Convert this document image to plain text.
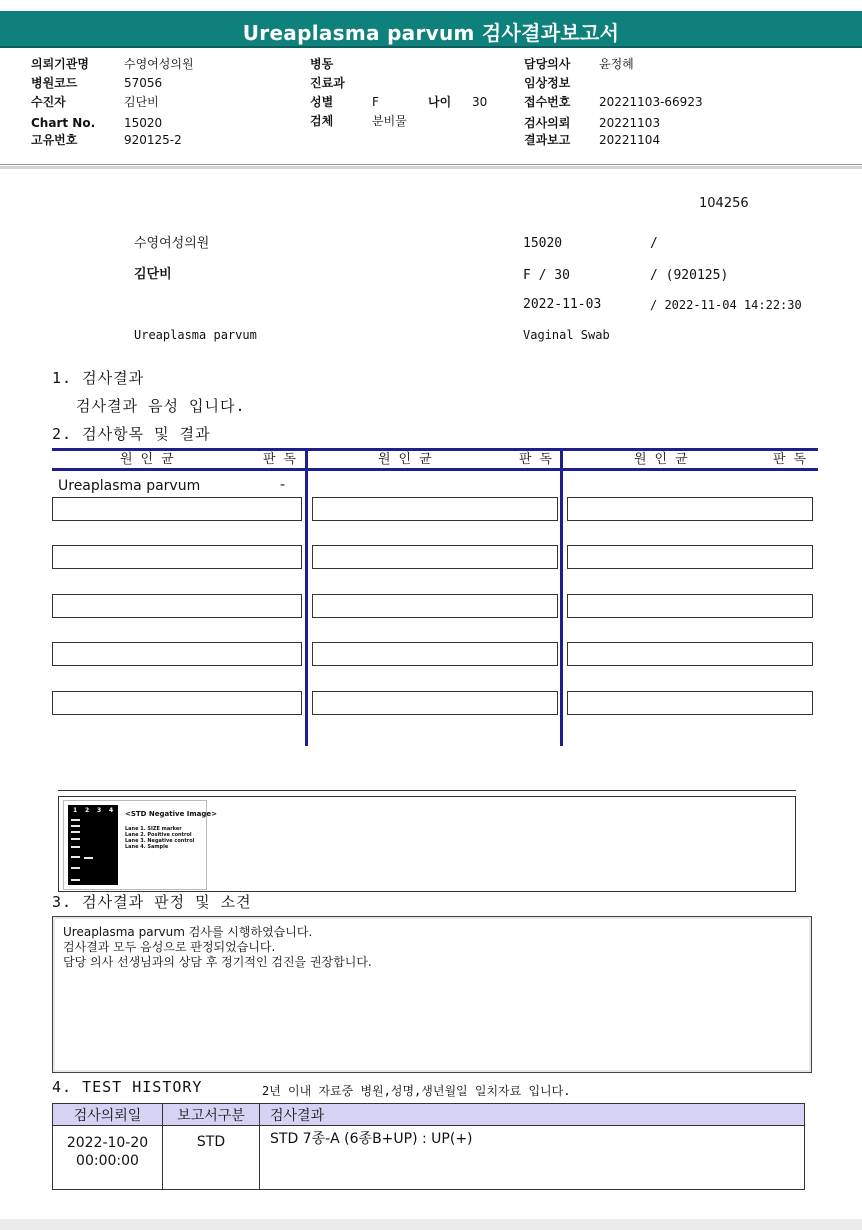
Ureaplasma parvum 검사결과보고서
의뢰기관명	수영여성의원
병원코드	57056
수진자	김단비
Chart No. 15020
고유번호	920125-2
병동
진료과
성별	F	나이 30
검체	분비물
담당의사 윤정혜
임상정보
접수번호 20221103-66923
검사의뢰 20221103
결과보고 20221104
104256
수영여성의원	15020	/
김단비	F / 30	/ (920125)
2022-11-03	/ 2022-11-04 14:22:30
Ureaplasma parvum	Vaginal Swab
1. 검사결과
검사결과 음성 입니다.
2. 검사항목 및 결과
원인균	판독	원인균	판독	원인균	판독
Ureaplasma parvum	-
1 2 3 4 <STD Negative Image>
Lane 1. SIZE marker
Lane 2. Positive control
Lane 3. Negative control
Lane 4. Sample
3. 검사결과 판정 및 소견
Ureaplasma parvum 검사를 시행하였습니다.
검사결과 모두 음성으로 판정되었습니다.
담당 의사 선생님과의 상담 후 정기적인 검진을 권장합니다.
4. TEST HISTORY	2년 이내 자료중 병원,성명,생년월일 일치자료 입니다.
검사의뢰일	보고서구분	검사결과

2022-10-20
00:00:00	STD	STD 7종-A (6종B+UP) : UP(+)
